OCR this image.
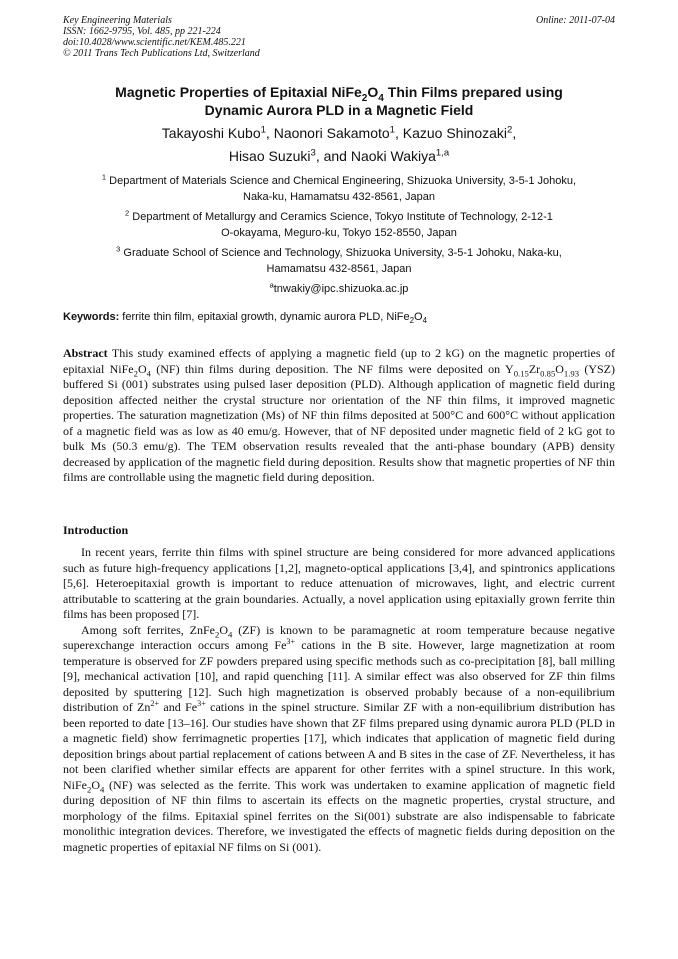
Key Engineering Materials
ISSN: 1662-9795, Vol. 485, pp 221-224
doi:10.4028/www.scientific.net/KEM.485.221
© 2011 Trans Tech Publications Ltd, Switzerland
Online: 2011-07-04
Magnetic Properties of Epitaxial $NiFe_2O_4$ Thin Films prepared using
Dynamic Aurora PLD in a Magnetic Field
Takayoshi Kubo$^1$, Naonori Sakamoto$^1$, Kazuo Shinozaki$^2$,
Hisao Suzuki$^3$, and Naoki Wakiya$^{1,a}$
$^1$ Department of Materials Science and Chemical Engineering, Shizuoka University, 3-5-1 Johoku,
Naka-ku, Hamamatsu 432-8561, Japan
$^2$ Department of Metallurgy and Ceramics Science, Tokyo Institute of Technology, 2-12-1
O-okayama, Meguro-ku, Tokyo 152-8550, Japan
$^3$ Graduate School of Science and Technology, Shizuoka University, 3-5-1 Johoku, Naka-ku,
Hamamatsu 432-8561, Japan
$^a$tnwakiy@ipc.shizuoka.ac.jp
Keywords: ferrite thin film, epitaxial growth, dynamic aurora PLD, $NiFe_2O_4$
Abstract This study examined effects of applying a magnetic field (up to 2 kG) on the magnetic properties of epitaxial $NiFe_2O_4$ (NF) thin films during deposition. The NF films were deposited on $Y_{0.15}Zr_{0.85}O_{1.93}$ (YSZ) buffered Si (001) substrates using pulsed laser deposition (PLD). Although application of magnetic field during deposition affected neither the crystal structure nor orientation of the NF thin films, it improved magnetic properties. The saturation magnetization (Ms) of NF thin films deposited at 500°C and 600°C without application of a magnetic field was as low as 40 emu/g. However, that of NF deposited under magnetic field of 2 kG got to bulk Ms (50.3 emu/g). The TEM observation results revealed that the anti-phase boundary (APB) density decreased by application of the magnetic field during deposition. Results show that magnetic properties of NF thin films are controllable using the magnetic field during deposition.
Introduction

In recent years, ferrite thin films with spinel structure are being considered for more advanced applications such as future high-frequency applications [1,2], magneto-optical applications [3,4], and spintronics applications [5,6]. Heteroepitaxial growth is important to reduce attenuation of microwaves, light, and electric current attributable to scattering at the grain boundaries. Actually, a novel application using epitaxially grown ferrite thin films has been proposed [7].

Among soft ferrites, $ZnFe_2O_4$ (ZF) is known to be paramagnetic at room temperature because negative superexchange interaction occurs among $Fe^{3+}$ cations in the B site. However, large magnetization at room temperature is observed for ZF powders prepared using specific methods such as co-precipitation [8], ball milling [9], mechanical activation [10], and rapid quenching [11]. A similar effect was also observed for ZF thin films deposited by sputtering [12]. Such high magnetization is observed probably because of a non-equilibrium distribution of $Zn^{2+}$ and $Fe^{3+}$ cations in the spinel structure. Similar ZF with a non-equilibrium distribution has been reported to date [13–16]. Our studies have shown that ZF films prepared using dynamic aurora PLD (PLD in a magnetic field) show ferrimagnetic properties [17], which indicates that application of magnetic field during deposition brings about partial replacement of cations between A and B sites in the case of ZF. Nevertheless, it has not been clarified whether similar effects are apparent for other ferrites with a spinel structure. In this work, $NiFe_2O_4$ (NF) was selected as the ferrite. This work was undertaken to examine application of magnetic field during deposition of NF thin films to ascertain its effects on the magnetic properties, crystal structure, and morphology of the films. Epitaxial spinel ferrites on the Si(001) substrate are also indispensable to fabricate monolithic integration devices. Therefore, we investigated the effects of magnetic fields during deposition on the magnetic properties of epitaxial NF films on Si (001).
